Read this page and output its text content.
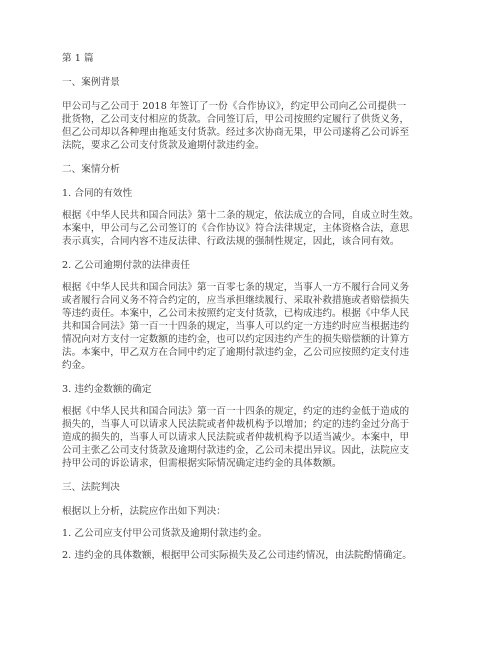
第 1 篇
一、案例背景
甲公司与乙公司于 2018 年签订了一份《合作协议》，约定甲公司向乙公司提供一
批货物，乙公司支付相应的货款。合同签订后，甲公司按照约定履行了供货义务，
但乙公司却以各种理由拖延支付货款。经过多次协商无果，甲公司遂将乙公司诉至
法院，要求乙公司支付货款及逾期付款违约金。
二、案情分析
1. 合同的有效性
根据《中华人民共和国合同法》第十二条的规定，依法成立的合同，自成立时生效。
本案中，甲公司与乙公司签订的《合作协议》符合法律规定，主体资格合法，意思
表示真实，合同内容不违反法律、行政法规的强制性规定，因此，该合同有效。
2. 乙公司逾期付款的法律责任
根据《中华人民共和国合同法》第一百零七条的规定，当事人一方不履行合同义务
或者履行合同义务不符合约定的，应当承担继续履行、采取补救措施或者赔偿损失
等违约责任。本案中，乙公司未按照约定支付货款，已构成违约。根据《中华人民
共和国合同法》第一百一十四条的规定，当事人可以约定一方违约时应当根据违约
情况向对方支付一定数额的违约金，也可以约定因违约产生的损失赔偿额的计算方
法。本案中，甲乙双方在合同中约定了逾期付款违约金，乙公司应按照约定支付违
约金。
3. 违约金数额的确定
根据《中华人民共和国合同法》第一百一十四条的规定，约定的违约金低于造成的
损失的，当事人可以请求人民法院或者仲裁机构予以增加；约定的违约金过分高于
造成的损失的，当事人可以请求人民法院或者仲裁机构予以适当减少。本案中，甲
公司主张乙公司支付货款及逾期付款违约金，乙公司未提出异议。因此，法院应支
持甲公司的诉讼请求，但需根据实际情况确定违约金的具体数额。
三、法院判决
根据以上分析，法院应作出如下判决：
1. 乙公司应支付甲公司货款及逾期付款违约金。
2. 违约金的具体数额，根据甲公司实际损失及乙公司违约情况，由法院酌情确定。
